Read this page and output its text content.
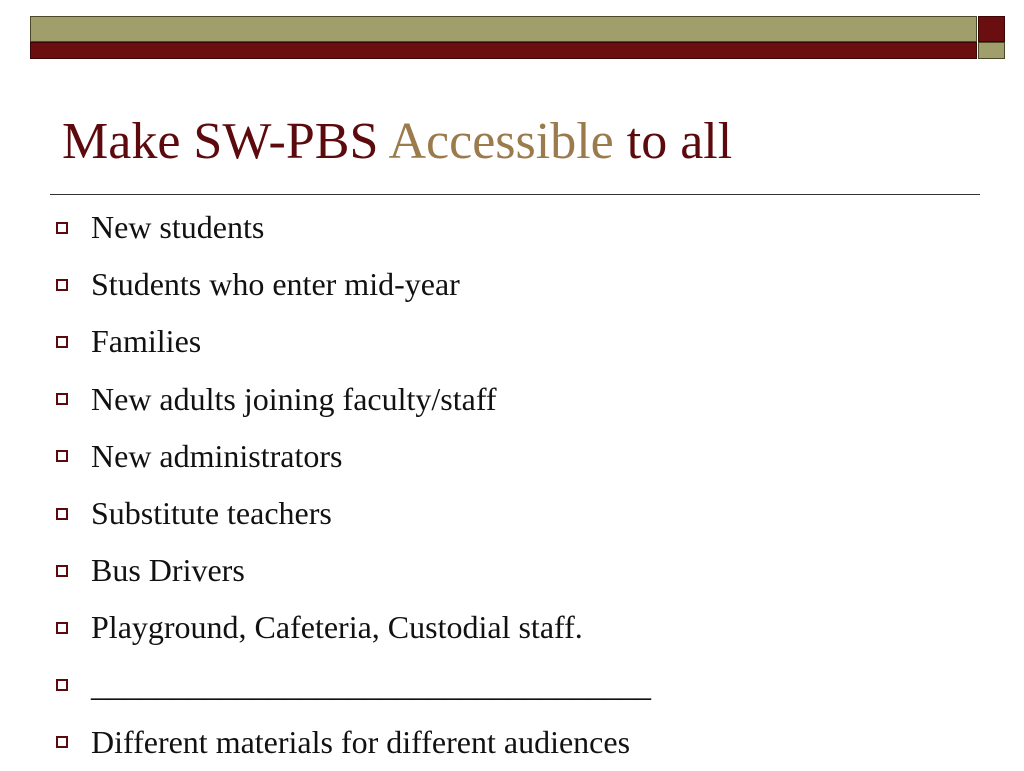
Make SW-PBS Accessible to all
New students
Students who enter mid-year
Families
New adults joining faculty/staff
New administrators
Substitute teachers
Bus Drivers
Playground, Cafeteria, Custodial staff.
___________________________________
Different materials for different audiences
